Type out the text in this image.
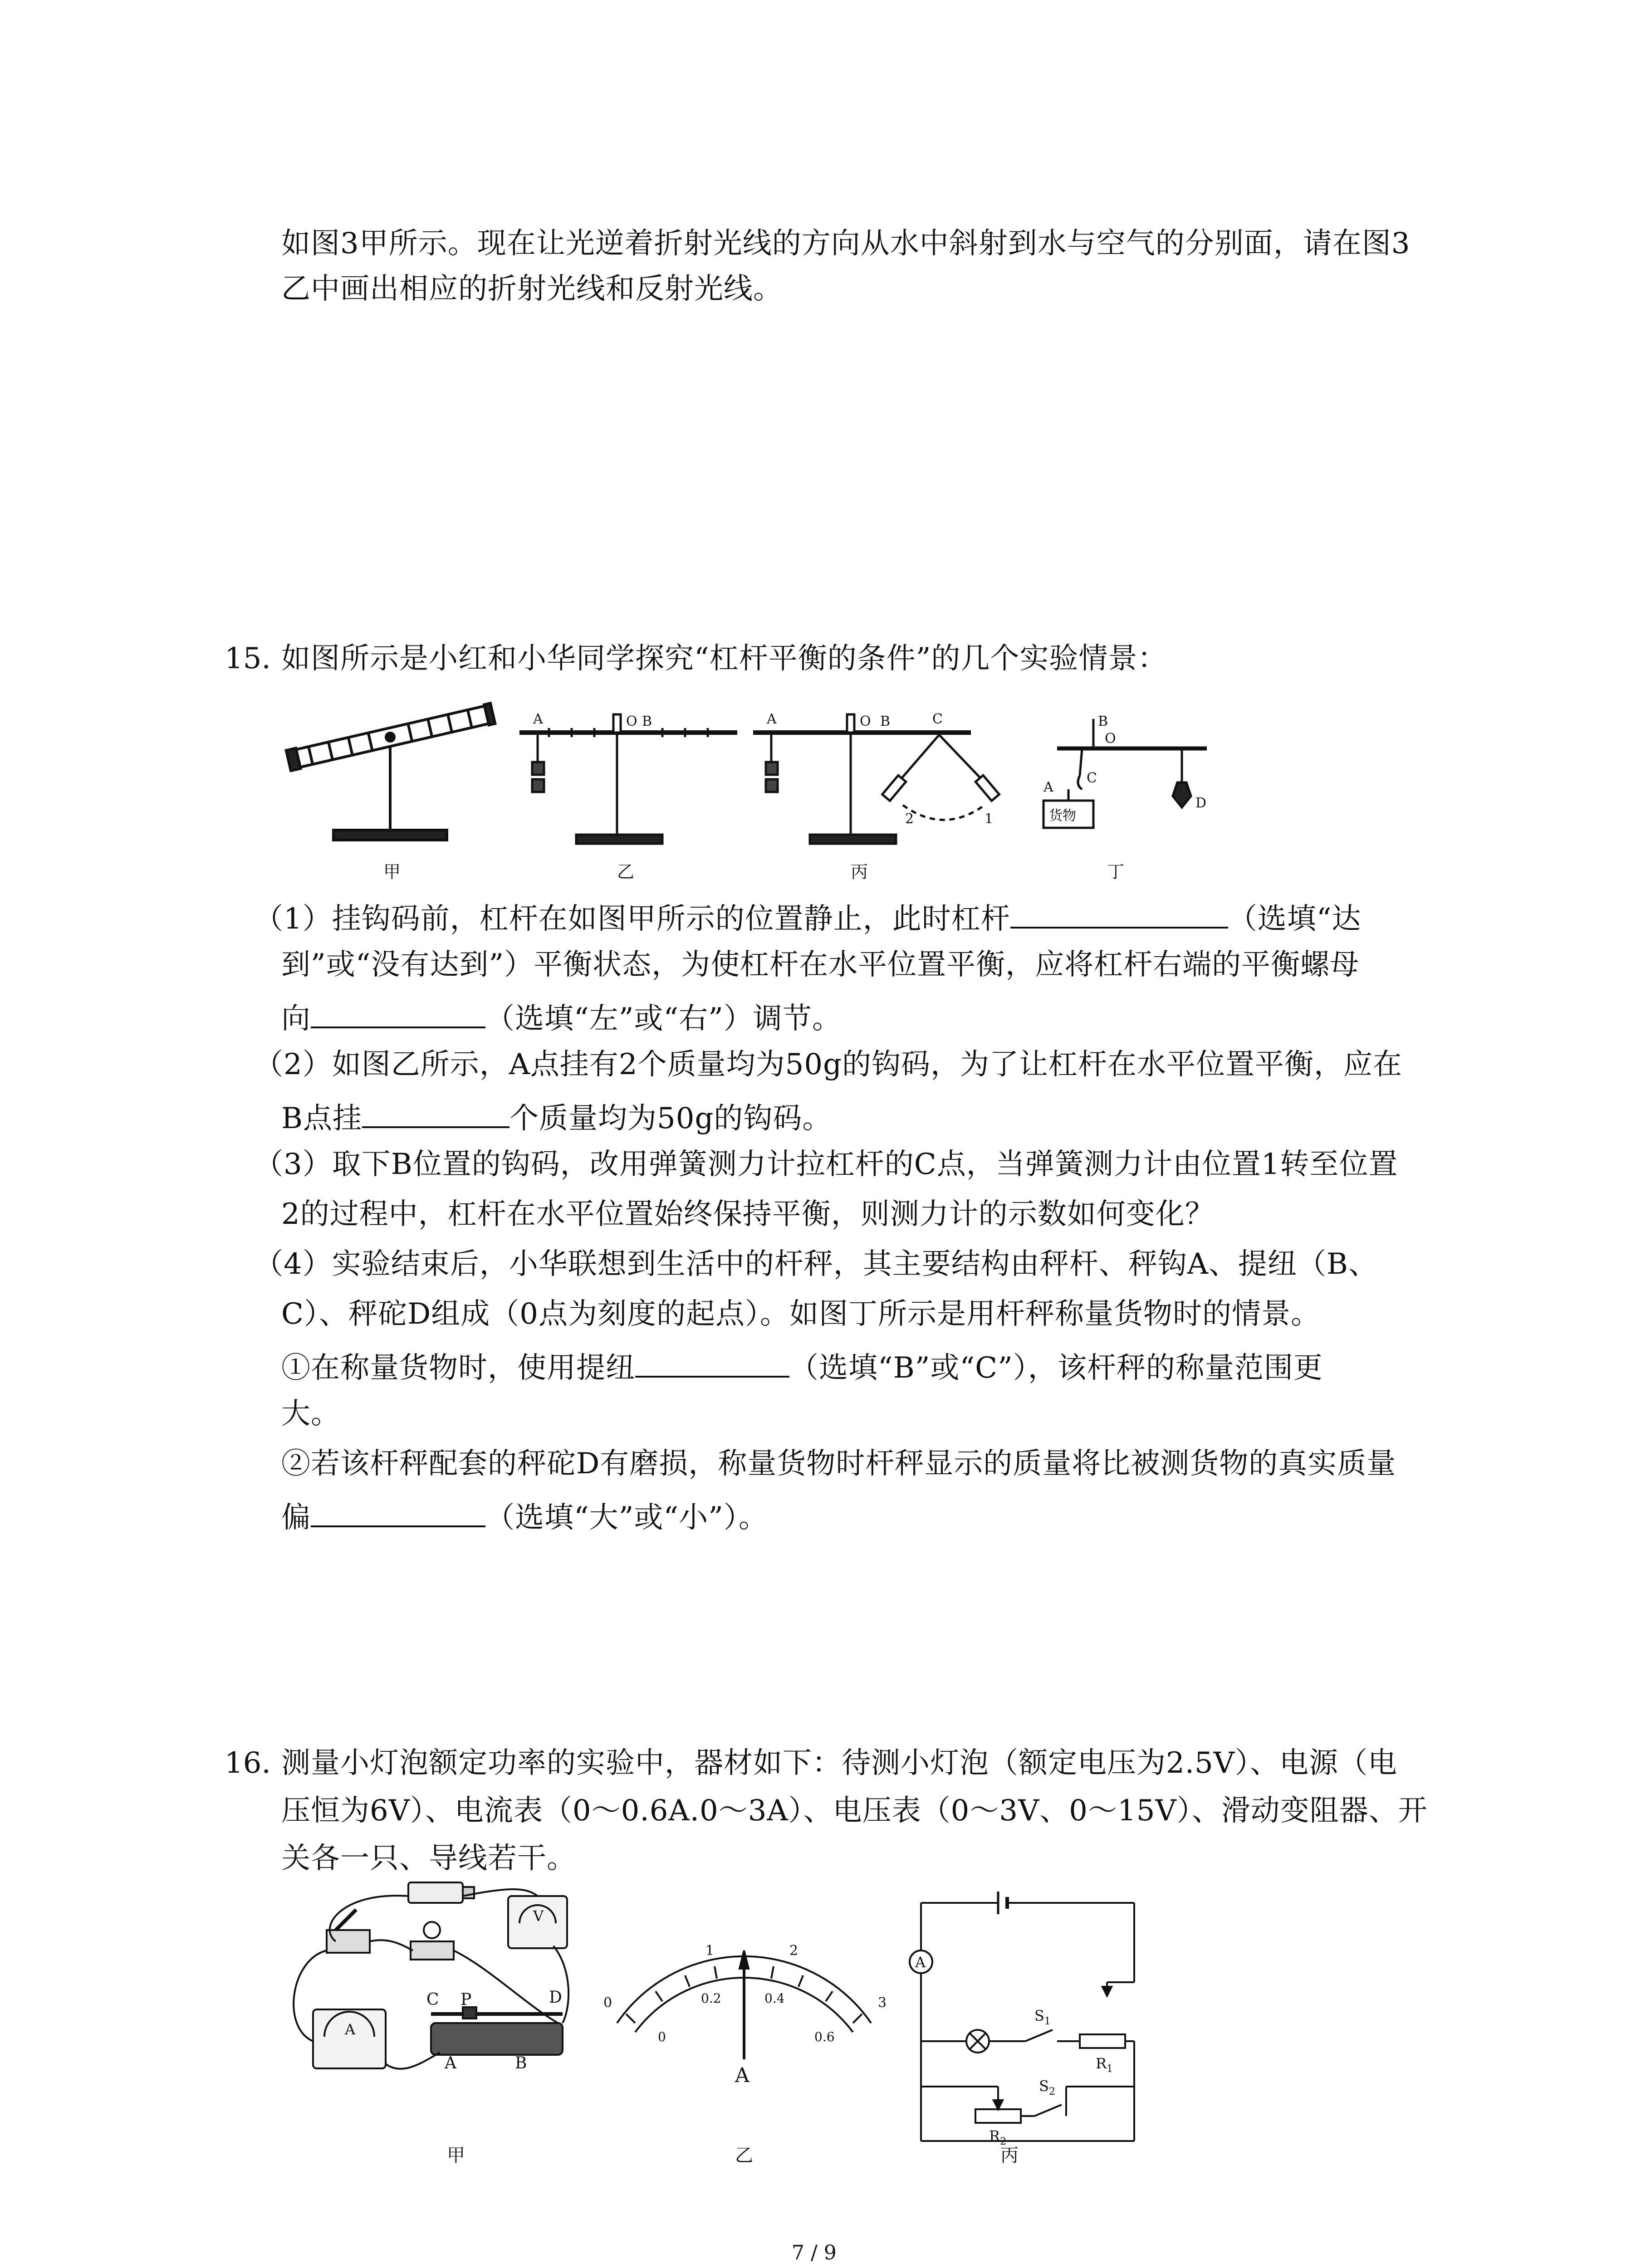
如图3甲所示。现在让光逆着折射光线的方向从水中斜射到水与空气的分别面，请在图3
乙中画出相应的折射光线和反射光线。
15. 如图所示是小红和小华同学探究“杠杆平衡的条件”的几个实验情景：
A	O B	A	O B	C
2	1
B
O
C
A
货物
D
甲	乙	丙	丁
（1）挂钩码前，杠杆在如图甲所示的位置静止，此时杠杆	（选填“达
到”或“没有达到”）平衡状态，为使杠杆在水平位置平衡，应将杠杆右端的平衡螺母
向	（选填“左”或“右”）调节。
（2）如图乙所示，A点挂有2个质量均为50g的钩码，为了让杠杆在水平位置平衡，应在
B点挂	个质量均为50g的钩码。
（3）取下B位置的钩码，改用弹簧测力计拉杠杆的C点，当弹簧测力计由位置1转至位置
2的过程中，杠杆在水平位置始终保持平衡，则测力计的示数如何变化？
（4）实验结束后，小华联想到生活中的杆秤，其主要结构由秤杆、秤钩A、提纽（B、
C）、秤砣D组成（0点为刻度的起点）。如图丁所示是用杆秤称量货物时的情景。
①在称量货物时，使用提纽	（选填“B”或“C”），该杆秤的称量范围更
大。
②若该杆秤配套的秤砣D有磨损，称量货物时杆秤显示的质量将比被测货物的真实质量
偏	（选填“大”或“小”）。
16. 测量小灯泡额定功率的实验中，器材如下：待测小灯泡（额定电压为2.5V）、电源（电
压恒为6V）、电流表（0～0.6A.0～3A）、电压表（0～3V、0～15V）、滑动变阻器、开
关各一只、导线若干。
V
A
C P	D
A	B
0
1	2
3
0
0.2	0.4
0.6
A
A
$S_1$
$S_2$
$R_1$
$R_2$
甲	乙	丙
7 / 9
